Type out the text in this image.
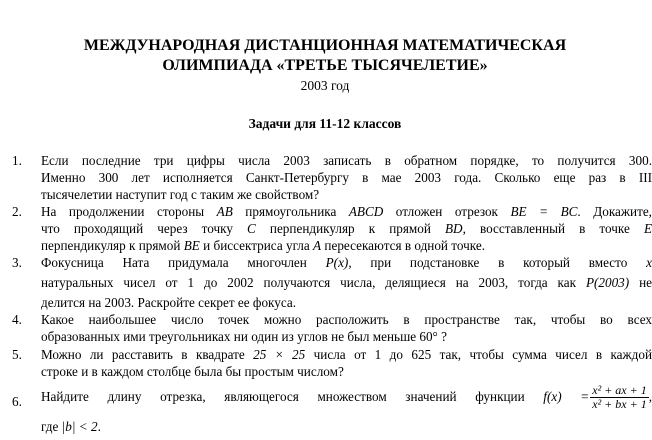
МЕЖДУНАРОДНАЯ ДИСТАНЦИОННАЯ МАТЕМАТИЧЕСКАЯ
ОЛИМПИАДА «ТРЕТЬЕ ТЫСЯЧЕЛЕТИЕ»
2003 год
Задачи для 11-12 классов
1.	Если последние три цифры числа 2003 записать в обратном порядке, то получится 300.
Именно 300 лет исполняется Санкт-Петербургу в мае 2003 года. Сколько еще раз в III
тысячелетии наступит год с таким же свойством?
2.	На продолжении стороны AB прямоугольника ABCD отложен отрезок BE = BC. Докажите,
что проходящий через точку C перпендикуляр к прямой BD, восставленный в точке E
перпендикуляр к прямой BE и биссектриса угла A пересекаются в одной точке.
3.	Фокусница Ната придумала многочлен P(x), при подстановке в который вместо x
натуральных чисел от 1 до 2002 получаются числа, делящиеся на 2003, тогда как P(2003) не
делится на 2003. Раскройте секрет ее фокуса.
4.	Какое наибольшее число точек можно расположить в пространстве так, чтобы во всех
образованных ими треугольниках ни один из углов не был меньше 60° ?
5.	Можно ли расставить в квадрате 25 × 25 числа от 1 до 625 так, чтобы сумма чисел в каждой
строке и в каждом столбце была бы простым числом?
6.	Найдите длину отрезка, являющегося множеством значений функции f(x) =  $\frac{\text{x² + ax + 1}}{\text{x² + bx + 1}}$ ,
где |b| < 2.
